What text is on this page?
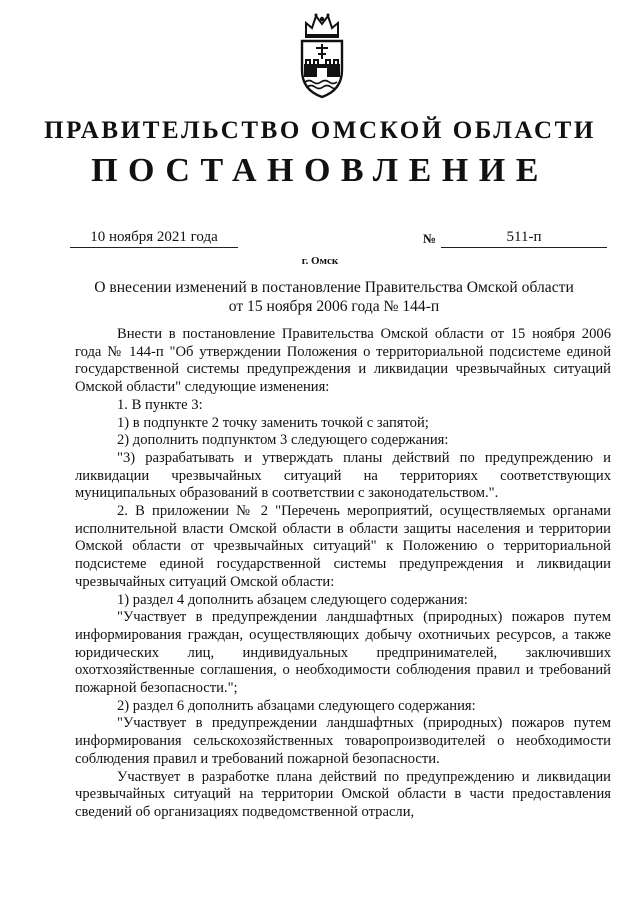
ПРАВИТЕЛЬСТВО ОМСКОЙ ОБЛАСТИ
ПОСТАНОВЛЕНИЕ
10 ноября 2021 года	№	511-п
г. Омск
О внесении изменений в постановление Правительства Омской области
от 15 ноября 2006 года № 144-п

Внести в постановление Правительства Омской области от 15 ноября 2006 года № 144-п "Об утверждении Положения о территориальной подсистеме единой государственной системы предупреждения и ликвидации чрезвычайных ситуаций Омской области" следующие изменения:

1. В пункте 3:

1) в подпункте 2 точку заменить точкой с запятой;

2) дополнить подпунктом 3 следующего содержания:

"3) разрабатывать и утверждать планы действий по предупреждению и ликвидации чрезвычайных ситуаций на территориях соответствующих муниципальных образований в соответствии с законодательством.".

2. В приложении № 2 "Перечень мероприятий, осуществляемых органами исполнительной власти Омской области в области защиты населения и территории Омской области от чрезвычайных ситуаций" к Положению о территориальной подсистеме единой государственной системы предупреждения и ликвидации чрезвычайных ситуаций Омской области:

1) раздел 4 дополнить абзацем следующего содержания:

"Участвует в предупреждении ландшафтных (природных) пожаров путем информирования граждан, осуществляющих добычу охотничьих ресурсов, а также юридических лиц, индивидуальных предпринимателей, заключивших охотхозяйственные соглашения, о необходимости соблюдения правил и требований пожарной безопасности.";

2) раздел 6 дополнить абзацами следующего содержания:

"Участвует в предупреждении ландшафтных (природных) пожаров путем информирования сельскохозяйственных товаропроизводителей о необходимости соблюдения правил и требований пожарной безопасности.

Участвует в разработке плана действий по предупреждению и ликвидации чрезвычайных ситуаций на территории Омской области в части предоставления сведений об организациях подведомственной отрасли,
